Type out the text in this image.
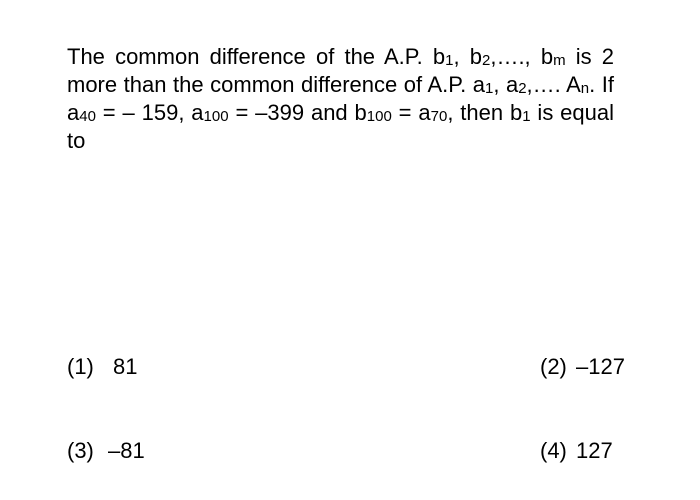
The common difference of the A.P. $b_1$, $b_2,\dots$., $b_m$ is 2 more than the common difference of A.P. $a_1$, $a_2,\dots$. $A_n$. If $a_{40}$ = – 159, $a_{100} = -399$ and $b_{100} = a_{70}$, then $b_1$ is equal to
(1) 81	(2) –127
(3) –81	(4) 127
